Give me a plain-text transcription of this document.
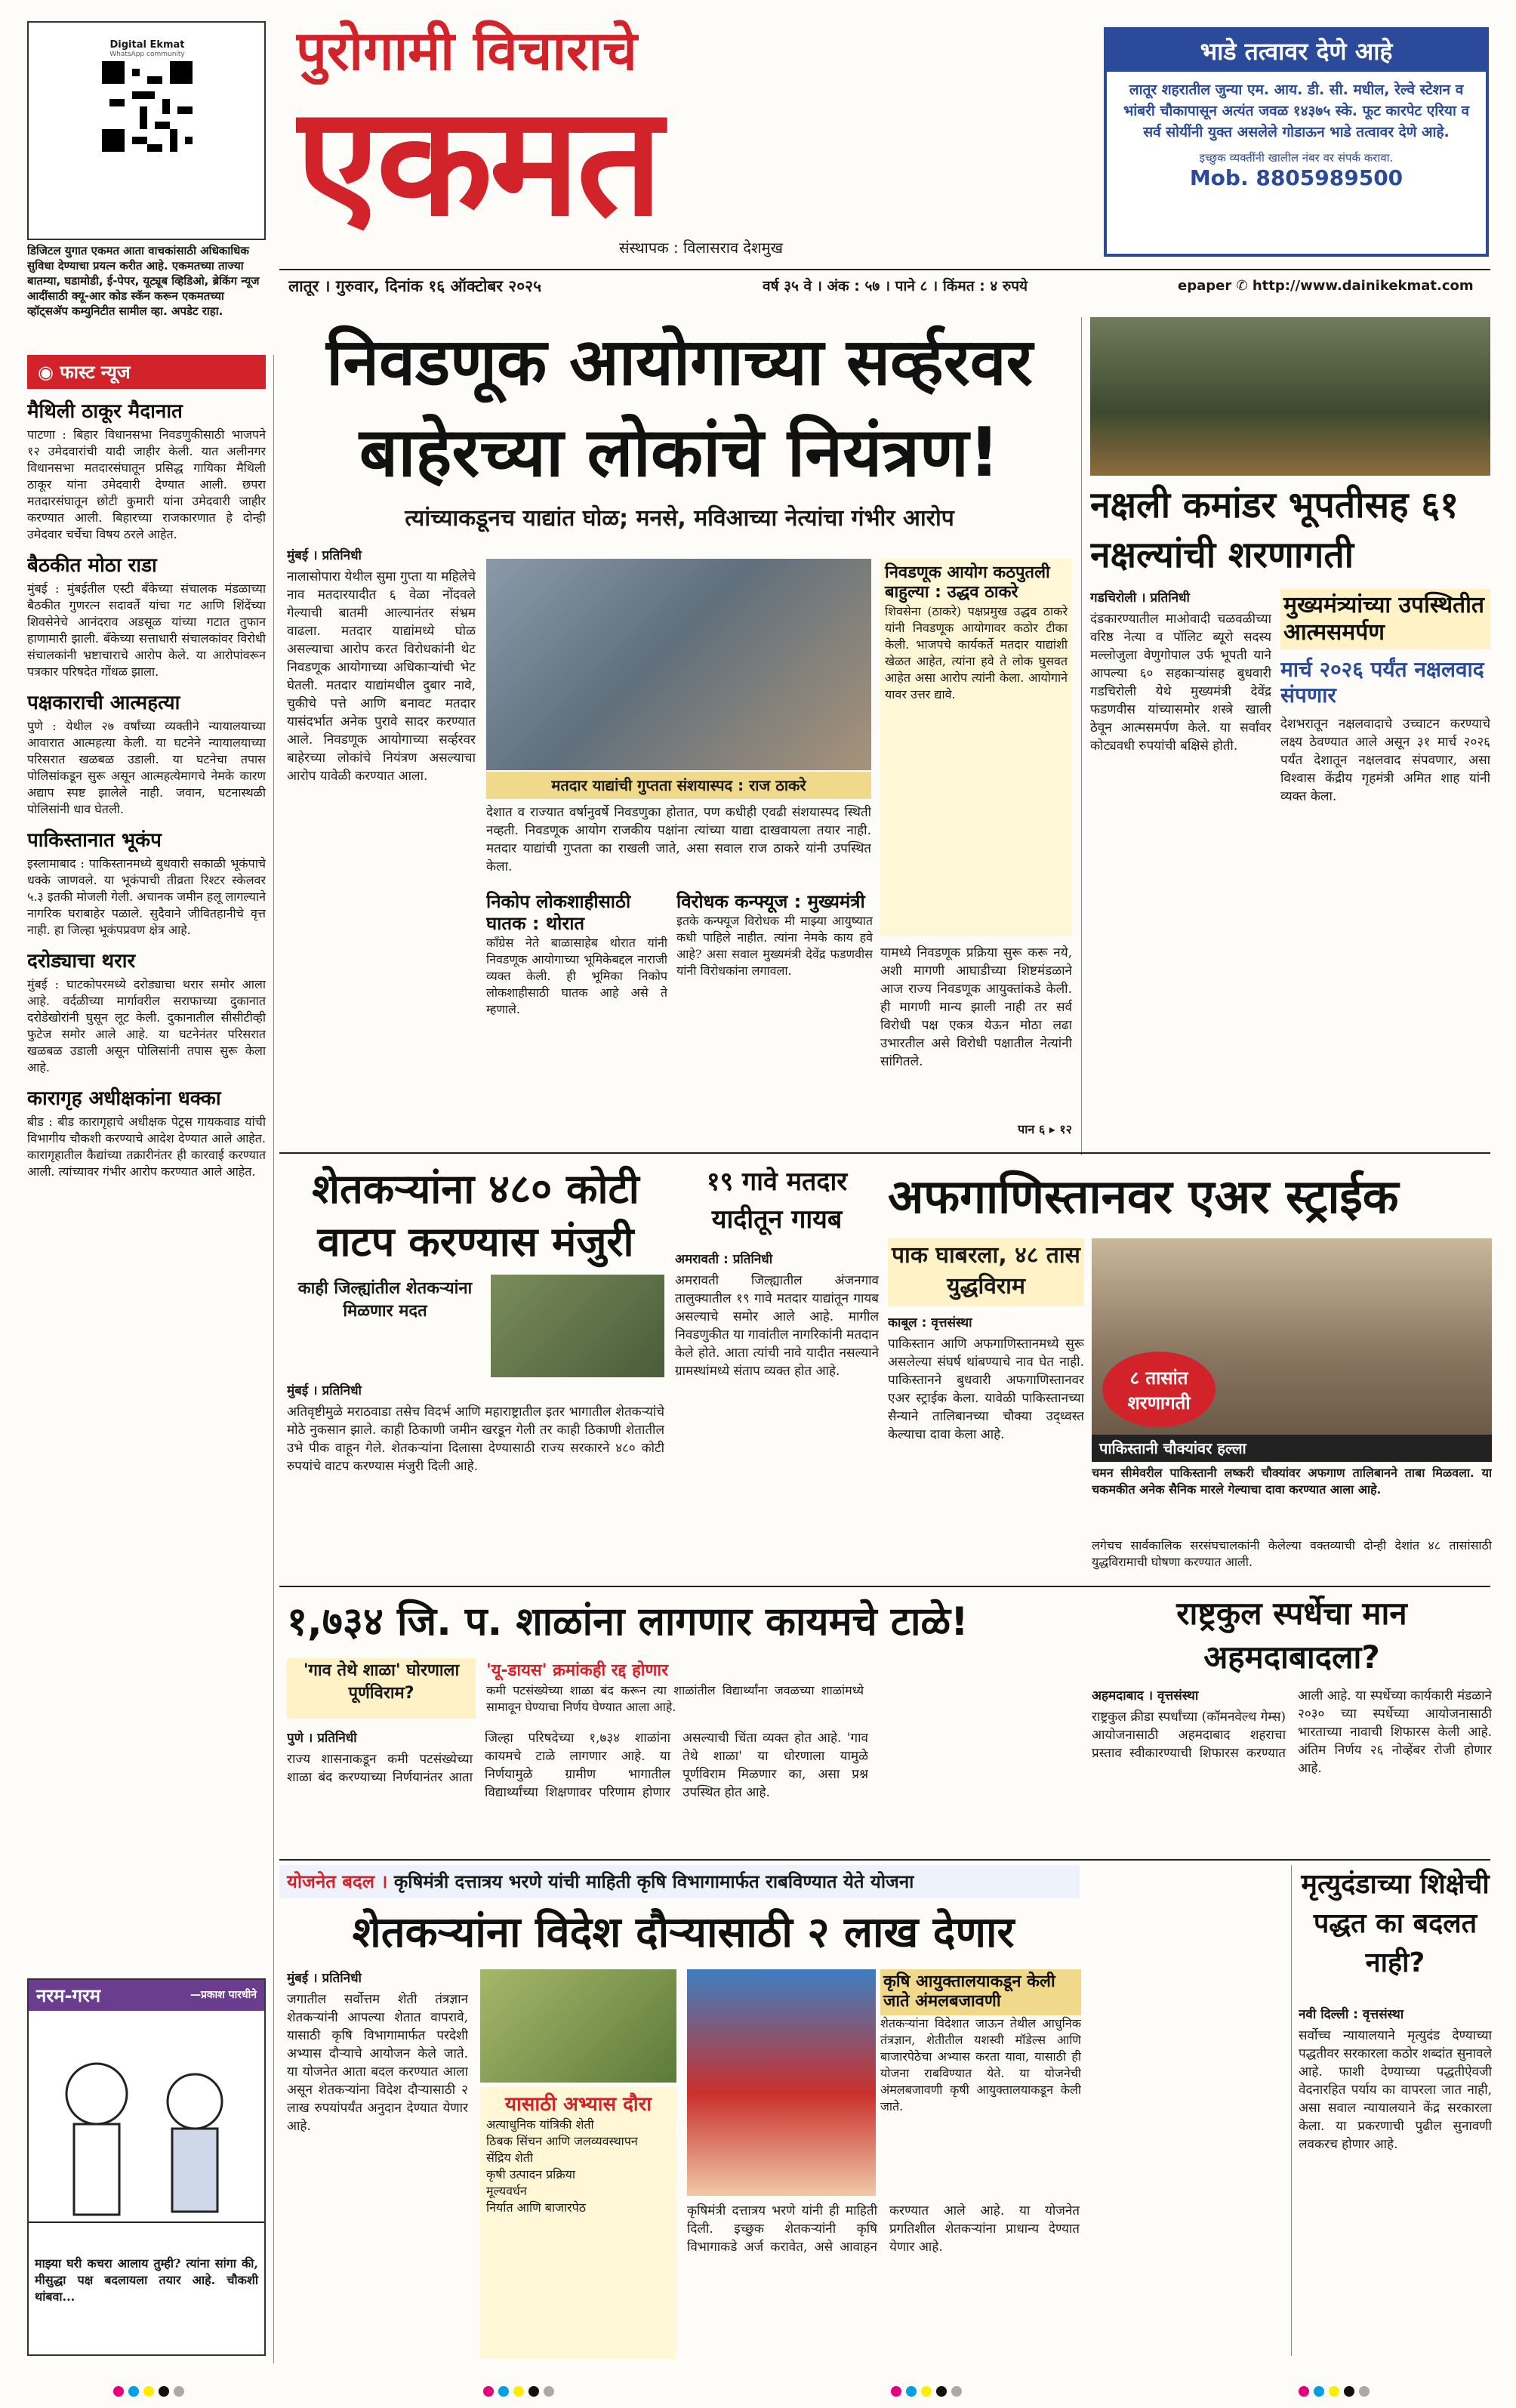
Digital Ekmat
WhatsApp community
डिजिटल युगात एकमत आता वाचकांसाठी अधिकाधिक सुविधा देण्याचा प्रयत्न करीत आहे. एकमतच्या ताज्या बातम्या, घडामोडी, ई-पेपर, यूट्यूब व्हिडिओ, ब्रेकिंग न्यूज आदींसाठी क्यू-आर कोड स्कॅन करून एकमतच्या व्हॉट्सअ‍ॅप कम्युनिटीत सामील व्हा. अपडेट राहा.
पुरोगामी विचाराचे
एकमत
संस्थापक : विलासराव देशमुख
भाडे तत्वावर देणे आहे
लातूर शहरातील जुन्या एम. आय. डी. सी. मधील, रेल्वे स्टेशन व भांबरी चौकापासून अत्यंत जवळ १४३७५ स्के. फूट कारपेट एरिया व सर्व सोयींनी युक्त असलेले गोडाऊन भाडे तत्वावर देणे आहे.
इच्छुक व्यक्तींनी खालील नंबर वर संपर्क करावा.
Mob. 8805989500
लातूर । गुरुवार, दिनांक १६ ऑक्टोबर २०२५	वर्ष ३५ वे । अंक : ५७ । पाने ८ । किंमत : ४ रुपये	epaper ✆ http://www.dainikekmat.com
◉ फास्ट न्यूज
मैथिली ठाकूर मैदानात
पाटणा : बिहार विधानसभा निवडणुकीसाठी भाजपने १२ उमेदवारांची यादी जाहीर केली. यात अलीनगर विधानसभा मतदारसंघातून प्रसिद्ध गायिका मैथिली ठाकूर यांना उमेदवारी देण्यात आली. छपरा मतदारसंघातून छोटी कुमारी यांना उमेदवारी जाहीर करण्यात आली. बिहारच्या राजकारणात हे दोन्ही उमेदवार चर्चेचा विषय ठरले आहेत.
बैठकीत मोठा राडा
मुंबई : मुंबईतील एस्टी बँकेच्या संचालक मंडळाच्या बैठकीत गुणरत्न सदावर्ते यांचा गट आणि शिंदेंच्या शिवसेनेचे आनंदराव अडसूळ यांच्या गटात तुफान हाणामारी झाली. बँकेच्या सत्ताधारी संचालकांवर विरोधी संचालकांनी भ्रष्टाचाराचे आरोप केले. या आरोपांवरून पत्रकार परिषदेत गोंधळ झाला.
पक्षकाराची आत्महत्या
पुणे : येथील २७ वर्षांच्या व्यक्तीने न्यायालयाच्या आवारात आत्महत्या केली. या घटनेने न्यायालयाच्या परिसरात खळबळ उडाली. या घटनेचा तपास पोलिसांकडून सुरू असून आत्महत्येमागचे नेमके कारण अद्याप स्पष्ट झालेले नाही. जवान, घटनास्थळी पोलिसांनी धाव घेतली.
पाकिस्तानात भूकंप
इस्लामाबाद : पाकिस्तानमध्ये बुधवारी सकाळी भूकंपाचे धक्के जाणवले. या भूकंपाची तीव्रता रिश्टर स्केलवर ५.३ इतकी मोजली गेली. अचानक जमीन हलू लागल्याने नागरिक घराबाहेर पळाले. सुदैवाने जीवितहानीचे वृत्त नाही. हा जिल्हा भूकंपप्रवण क्षेत्र आहे.
दरोड्याचा थरार
मुंबई : घाटकोपरमध्ये दरोड्याचा थरार समोर आला आहे. वर्दळीच्या मार्गावरील सराफाच्या दुकानात दरोडेखोरांनी घुसून लूट केली. दुकानातील सीसीटीव्ही फुटेज समोर आले आहे. या घटनेनंतर परिसरात खळबळ उडाली असून पोलिसांनी तपास सुरू केला आहे.
कारागृह अधीक्षकांना धक्का
बीड : बीड कारागृहाचे अधीक्षक पेट्रस गायकवाड यांची विभागीय चौकशी करण्याचे आदेश देण्यात आले आहेत. कारागृहातील कैद्यांच्या तक्रारीनंतर ही कारवाई करण्यात आली. त्यांच्यावर गंभीर आरोप करण्यात आले आहेत.
निवडणूक आयोगाच्या सर्व्हरवर
बाहेरच्या लोकांचे नियंत्रण!
त्यांच्याकडूनच याद्यांत घोळ; मनसे, मविआच्या नेत्यांचा गंभीर आरोप
मुंबई । प्रतिनिधी
नालासोपारा येथील सुमा गुप्ता या महिलेचे नाव मतदारयादीत ६ वेळा नोंदवले गेल्याची बातमी आल्यानंतर संभ्रम वाढला. मतदार याद्यांमध्ये घोळ असल्याचा आरोप करत विरोधकांनी थेट निवडणूक आयोगाच्या अधिकाऱ्यांची भेट घेतली. मतदार याद्यांमधील दुबार नावे, चुकीचे पत्ते आणि बनावट मतदार यासंदर्भात अनेक पुरावे सादर करण्यात आले. निवडणूक आयोगाच्या सर्व्हरवर बाहेरच्या लोकांचे नियंत्रण असल्याचा आरोप यावेळी करण्यात आला.	मतदार याद्यांची गुप्तता संशयास्पद : राज ठाकरे
देशात व राज्यात वर्षानुवर्षे निवडणुका होतात, पण कधीही एवढी संशयास्पद स्थिती नव्हती. निवडणूक आयोग राजकीय पक्षांना त्यांच्या याद्या दाखवायला तयार नाही. मतदार याद्यांची गुप्तता का राखली जाते, असा सवाल राज ठाकरे यांनी उपस्थित केला.
निकोप लोकशाहीसाठी घातक : थोरात
काँग्रेस नेते बाळासाहेब थोरात यांनी निवडणूक आयोगाच्या भूमिकेबद्दल नाराजी व्यक्त केली. ही भूमिका निकोप लोकशाहीसाठी घातक आहे असे ते म्हणाले.
विरोधक कन्फ्यूज : मुख्यमंत्री
इतके कन्फ्यूज विरोधक मी माझ्या आयुष्यात कधी पाहिले नाहीत. त्यांना नेमके काय हवे आहे? असा सवाल मुख्यमंत्री देवेंद्र फडणवीस यांनी विरोधकांना लगावला.
निवडणूक आयोग कठपुतली बाहुल्या : उद्धव ठाकरे
शिवसेना (ठाकरे) पक्षप्रमुख उद्धव ठाकरे यांनी निवडणूक आयोगावर कठोर टीका केली. भाजपचे कार्यकर्ते मतदार याद्यांशी खेळत आहेत, त्यांना हवे ते लोक घुसवत आहेत असा आरोप त्यांनी केला. आयोगाने यावर उत्तर द्यावे.
यामध्ये निवडणूक प्रक्रिया सुरू करू नये, अशी मागणी आघाडीच्या शिष्टमंडळाने आज राज्य निवडणूक आयुक्तांकडे केली. ही मागणी मान्य झाली नाही तर सर्व विरोधी पक्ष एकत्र येऊन मोठा लढा उभारतील असे विरोधी पक्षातील नेत्यांनी सांगितले.
पान ६ ▸ १२
नक्षली कमांडर भूपतीसह ६१ नक्षल्यांची शरणागती
गडचिरोली । प्रतिनिधी
दंडकारण्यातील माओवादी चळवळीच्या वरिष्ठ नेत्या व पॉलिट ब्यूरो सदस्य मल्लोजुला वेणुगोपाल उर्फ भूपती याने आपल्या ६० सहकाऱ्यांसह बुधवारी गडचिरोली येथे मुख्यमंत्री देवेंद्र फडणवीस यांच्यासमोर शस्त्रे खाली ठेवून आत्मसमर्पण केले. या सर्वांवर कोट्यवधी रुपयांची बक्षिसे होती.
मुख्यमंत्र्यांच्या उपस्थितीत आत्मसमर्पण
मार्च २०२६ पर्यंत नक्षलवाद संपणार
देशभरातून नक्षलवादाचे उच्चाटन करण्याचे लक्ष्य ठेवण्यात आले असून ३१ मार्च २०२६ पर्यंत देशातून नक्षलवाद संपवणार, असा विश्वास केंद्रीय गृहमंत्री अमित शाह यांनी व्यक्त केला.
शेतकऱ्यांना ४८० कोटी वाटप करण्यास मंजुरी
काही जिल्ह्यांतील शेतकऱ्यांना मिळणार मदत
मुंबई । प्रतिनिधी
अतिवृष्टीमुळे मराठवाडा तसेच विदर्भ आणि महाराष्ट्रातील इतर भागातील शेतकऱ्यांचे मोठे नुकसान झाले. काही ठिकाणी जमीन खरडून गेली तर काही ठिकाणी शेतातील उभे पीक वाहून गेले. शेतकऱ्यांना दिलासा देण्यासाठी राज्य सरकारने ४८० कोटी रुपयांचे वाटप करण्यास मंजुरी दिली आहे.
१९ गावे मतदार यादीतून गायब
अमरावती : प्रतिनिधी
अमरावती जिल्ह्यातील अंजनगाव तालुक्यातील १९ गावे मतदार याद्यांतून गायब असल्याचे समोर आले आहे. मागील निवडणुकीत या गावांतील नागरिकांनी मतदान केले होते. आता त्यांची नावे यादीत नसल्याने ग्रामस्थांमध्ये संताप व्यक्त होत आहे.
अफगाणिस्तानवर एअर स्ट्राईक
पाक घाबरला, ४८ तास युद्धविराम
काबूल : वृत्तसंस्था
पाकिस्तान आणि अफगाणिस्तानमध्ये सुरू असलेल्या संघर्ष थांबण्याचे नाव घेत नाही. पाकिस्तानने बुधवारी अफगाणिस्तानवर एअर स्ट्राईक केला. यावेळी पाकिस्तानच्या सैन्याने तालिबानच्या चौक्या उद्ध्वस्त केल्याचा दावा केला आहे.
८ तासांत शरणागती
पाकिस्तानी चौक्यांवर हल्ला
चमन सीमेवरील पाकिस्तानी लष्करी चौक्यांवर अफगाण तालिबानने ताबा मिळवला. या चकमकीत अनेक सैनिक मारले गेल्याचा दावा करण्यात आला आहे.
लगेचच सार्वकालिक सरसंघचालकांनी केलेल्या वक्तव्याची दोन्ही देशांत ४८ तासांसाठी युद्धविरामाची घोषणा करण्यात आली.
१,७३४ जि. प. शाळांना लागणार कायमचे टाळे!
'गाव तेथे शाळा' घोरणाला पूर्णविराम?
'यू-डायस' क्रमांकही रद्द होणार
कमी पटसंख्येच्या शाळा बंद करून त्या शाळांतील विद्यार्थ्यांना जवळच्या शाळांमध्ये सामावून घेण्याचा निर्णय घेण्यात आला आहे.
पुणे । प्रतिनिधी
राज्य शासनाकडून कमी पटसंख्येच्या शाळा बंद करण्याच्या निर्णयानंतर आता जिल्हा परिषदेच्या १,७३४ शाळांना कायमचे टाळे लागणार आहे. या निर्णयामुळे ग्रामीण भागातील विद्यार्थ्यांच्या शिक्षणावर परिणाम होणार असल्याची चिंता व्यक्त होत आहे. 'गाव तेथे शाळा' या धोरणाला यामुळे पूर्णविराम मिळणार का, असा प्रश्न उपस्थित होत आहे.
राष्ट्रकुल स्पर्धेचा मान अहमदाबादला?
अहमदाबाद । वृत्तसंस्था
राष्ट्रकुल क्रीडा स्पर्धांच्या (कॉमनवेल्थ गेम्स) आयोजनासाठी अहमदाबाद शहराचा प्रस्ताव स्वीकारण्याची शिफारस करण्यात आली आहे. या स्पर्धेच्या कार्यकारी मंडळाने २०३० च्या स्पर्धेच्या आयोजनासाठी भारताच्या नावाची शिफारस केली आहे. अंतिम निर्णय २६ नोव्हेंबर रोजी होणार आहे.
योजनेत बदल । कृषिमंत्री दत्तात्रय भरणे यांची माहिती कृषि विभागामार्फत राबविण्यात येते योजना
शेतकऱ्यांना विदेश दौऱ्यासाठी २ लाख देणार
मुंबई । प्रतिनिधी
जगातील सर्वोत्तम शेती तंत्रज्ञान शेतकऱ्यांनी आपल्या शेतात वापरावे, यासाठी कृषि विभागामार्फत परदेशी अभ्यास दौऱ्याचे आयोजन केले जाते. या योजनेत आता बदल करण्यात आला असून शेतकऱ्यांना विदेश दौऱ्यासाठी २ लाख रुपयांपर्यंत अनुदान देण्यात येणार आहे.
यासाठी अभ्यास दौरा
अत्याधुनिक यांत्रिकी शेती
ठिबक सिंचन आणि जलव्यवस्थापन
सेंद्रिय शेती
कृषी उत्पादन प्रक्रिया
मूल्यवर्धन
निर्यात आणि बाजारपेठ
कृषि आयुक्तालयाकडून केली जाते अंमलबजावणी
शेतकऱ्यांना विदेशात जाऊन तेथील आधुनिक तंत्रज्ञान, शेतीतील यशस्वी मॉडेल्स आणि बाजारपेठेचा अभ्यास करता यावा, यासाठी ही योजना राबविण्यात येते. या योजनेची अंमलबजावणी कृषी आयुक्तालयाकडून केली जाते.
कृषिमंत्री दत्तात्रय भरणे यांनी ही माहिती दिली. इच्छुक शेतकऱ्यांनी कृषि विभागाकडे अर्ज करावेत, असे आवाहन करण्यात आले आहे. या योजनेत प्रगतिशील शेतकऱ्यांना प्राधान्य देण्यात येणार आहे.
मृत्युदंडाच्या शिक्षेची पद्धत का बदलत नाही?
नवी दिल्ली : वृत्तसंस्था
सर्वोच्च न्यायालयाने मृत्युदंड देण्याच्या पद्धतीवर सरकारला कठोर शब्दांत सुनावले आहे. फाशी देण्याच्या पद्धतीऐवजी वेदनारहित पर्याय का वापरला जात नाही, असा सवाल न्यायालयाने केंद्र सरकारला केला. या प्रकरणाची पुढील सुनावणी लवकरच होणार आहे.
नरम-गरम	—प्रकाश पारधीने
माझ्या घरी कचरा आलाय तुम्ही? त्यांना सांगा की, मीसुद्धा पक्ष बदलायला तयार आहे. चौकशी थांबवा...
